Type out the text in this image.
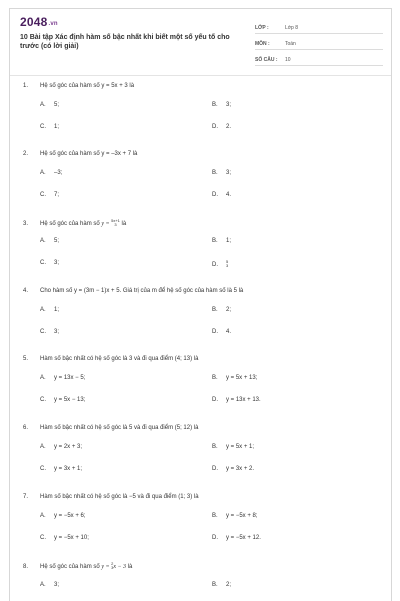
2048.vn
10 Bài tập Xác định hàm số bậc nhất khi biết một số yếu tố cho trước (có lời giải)
LỚP :	Lớp 8
MÔN :	Toán
SỐ CÂU :	10
1. Hệ số góc của hàm số y = 5x + 3 là
A. 5;	B. 3;
C. 1;	D. 2.
2. Hệ số góc của hàm số y = –3x + 7 là
A. –3;	B. 3;
C. 7;	D. 4.
3. Hệ số góc của hàm số y = 5x+1
3 là
A. 5;	B. 1;
C. 3;	D.5
3
4. Cho hàm số y = (3m − 1)x + 5. Giá trị của m để hệ số góc của hàm số là 5 là
A. 1;	B. 2;
C. 3;	D. 4.
5. Hàm số bậc nhất có hệ số góc là 3 và đi qua điểm (4; 13) là
A. y = 13x − 5;	B. y = 5x + 13;
C. y = 5x − 13;	D. y = 13x + 13.
6. Hàm số bậc nhất có hệ số góc là 5 và đi qua điểm (5; 12) là
A. y = 2x + 3;	B. y = 5x + 1;
C. y = 3x + 1;	D. y = 3x + 2.
7. Hàm số bậc nhất có hệ số góc là −5 và đi qua điểm (1; 3) là
A. y = −5x + 6;	B. y = −5x + 8;
C. y = −5x + 10;	D. y = −5x + 12.
8. Hệ số góc của hàm số y = 2
3x − 3 là
A. 3;	B. 2;
